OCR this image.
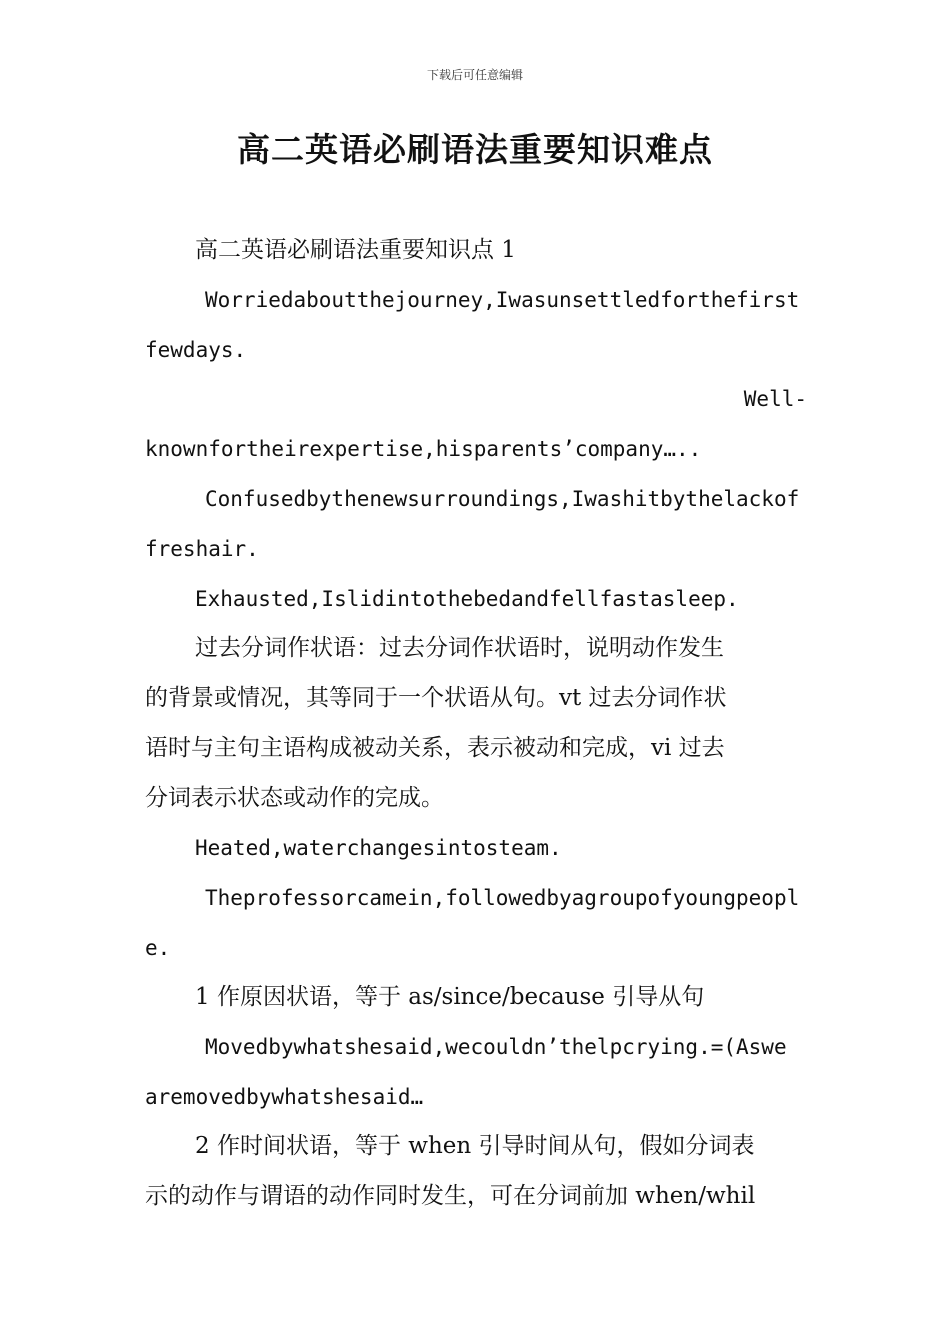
下载后可任意编辑
高二英语必刷语法重要知识难点
高二英语必刷语法重要知识点 1
Worriedaboutthejourney,Iwasunsettledforthefirst
fewdays.
Well-
knownfortheirexpertise,hisparents’company…..
Confusedbythenewsurroundings,Iwashitbythelackof
freshair.
Exhausted,Islidintothebedandfellfastasleep.
过去分词作状语：过去分词作状语时，说明动作发生
的背景或情况，其等同于一个状语从句。vt 过去分词作状
语时与主句主语构成被动关系，表示被动和完成，vi 过去
分词表示状态或动作的完成。
Heated,waterchangesintosteam.
Theprofessorcamein,followedbyagroupofyoungpeopl
e.
1 作原因状语，等于 as/since/because 引导从句
Movedbywhatshesaid,wecouldn’thelpcrying.=(Aswe
aremovedbywhatshesaid…
2 作时间状语，等于 when 引导时间从句，假如分词表
示的动作与谓语的动作同时发生，可在分词前加 when/whil
